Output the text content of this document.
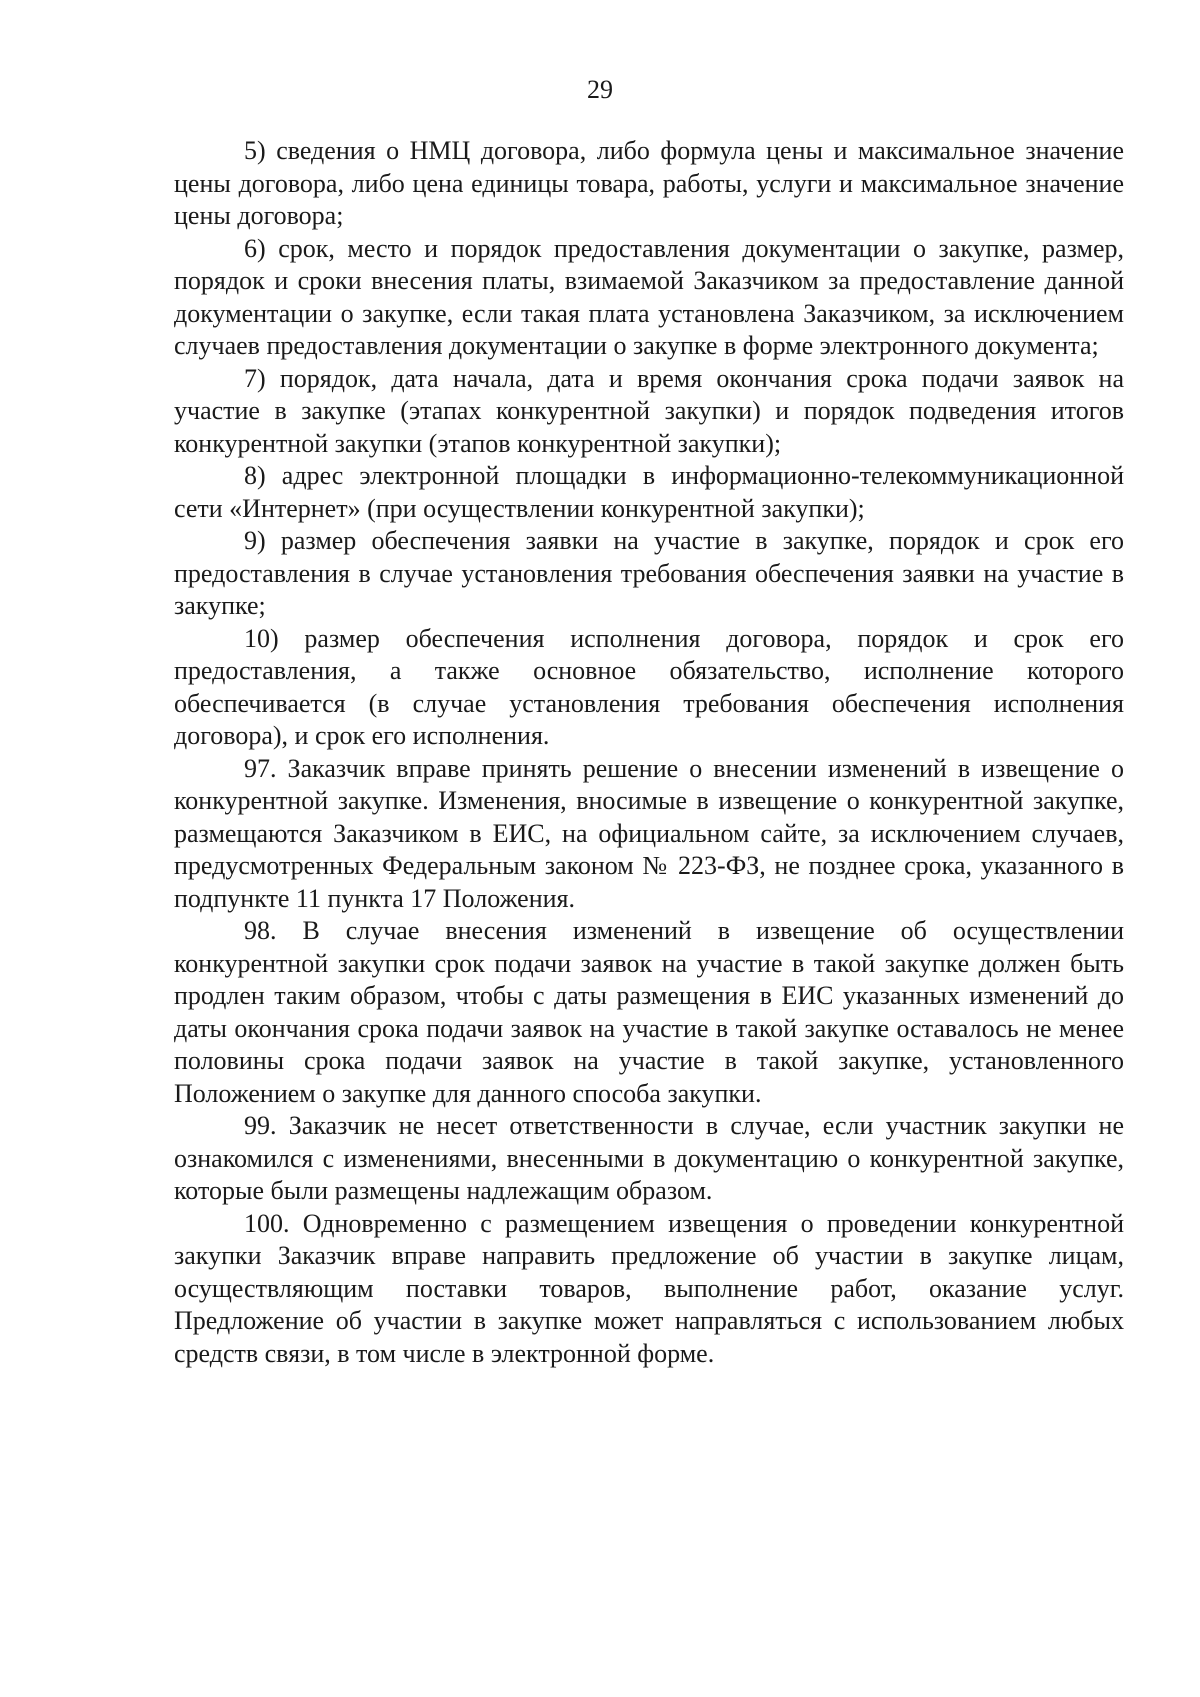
29

5) сведения о НМЦ договора, либо формула цены и максимальное значение цены договора, либо цена единицы товара, работы, услуги и максимальное значение цены договора;

6) срок, место и порядок предоставления документации о закупке, размер, порядок и сроки внесения платы, взимаемой Заказчиком за предоставление данной документации о закупке, если такая плата установлена Заказчиком, за исключением случаев предоставления документации о закупке в форме электронного документа;

7) порядок, дата начала, дата и время окончания срока подачи заявок на участие в закупке (этапах конкурентной закупки) и порядок подведения итогов конкурентной закупки (этапов конкурентной закупки);

8) адрес электронной площадки в информационно-телекоммуникационной сети «Интернет» (при осуществлении конкурентной закупки);

9) размер обеспечения заявки на участие в закупке, порядок и срок его предоставления в случае установления требования обеспечения заявки на участие в закупке;

10) размер обеспечения исполнения договора, порядок и срок его предоставления, а также основное обязательство, исполнение которого обеспечивается (в случае установления требования обеспечения исполнения договора), и срок его исполнения.

97. Заказчик вправе принять решение о внесении изменений в извещение о конкурентной закупке. Изменения, вносимые в извещение о конкурентной закупке, размещаются Заказчиком в ЕИС, на официальном сайте, за исключением случаев, предусмотренных Федеральным законом № 223-ФЗ, не позднее срока, указанного в подпункте 11 пункта 17 Положения.

98. В случае внесения изменений в извещение об осуществлении конкурентной закупки срок подачи заявок на участие в такой закупке должен быть продлен таким образом, чтобы с даты размещения в ЕИС указанных изменений до даты окончания срока подачи заявок на участие в такой закупке оставалось не менее половины срока подачи заявок на участие в такой закупке, установленного Положением о закупке для данного способа закупки.

99. Заказчик не несет ответственности в случае, если участник закупки не ознакомился с изменениями, внесенными в документацию о конкурентной закупке, которые были размещены надлежащим образом.

100. Одновременно с размещением извещения о проведении конкурентной закупки Заказчик вправе направить предложение об участии в закупке лицам, осуществляющим поставки товаров, выполнение работ, оказание услуг. Предложение об участии в закупке может направляться с использованием любых средств связи, в том числе в электронной форме.
